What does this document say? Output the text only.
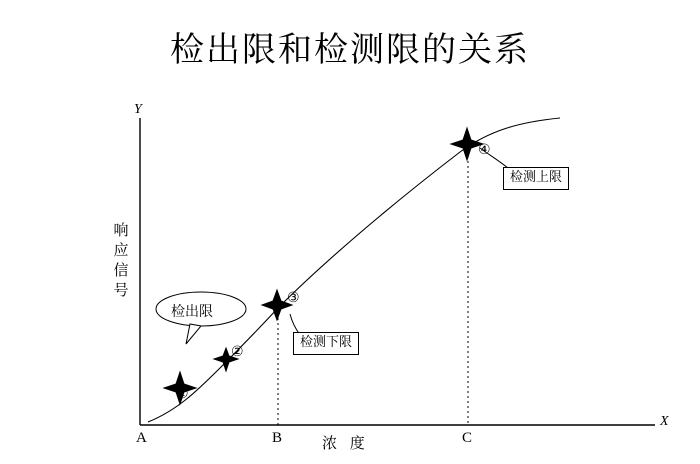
检出限和检测限的关系
Y
X
响
应
信
号
A	B	C
浓 度
①
②
③
④
检出限
检测下限
检测上限
